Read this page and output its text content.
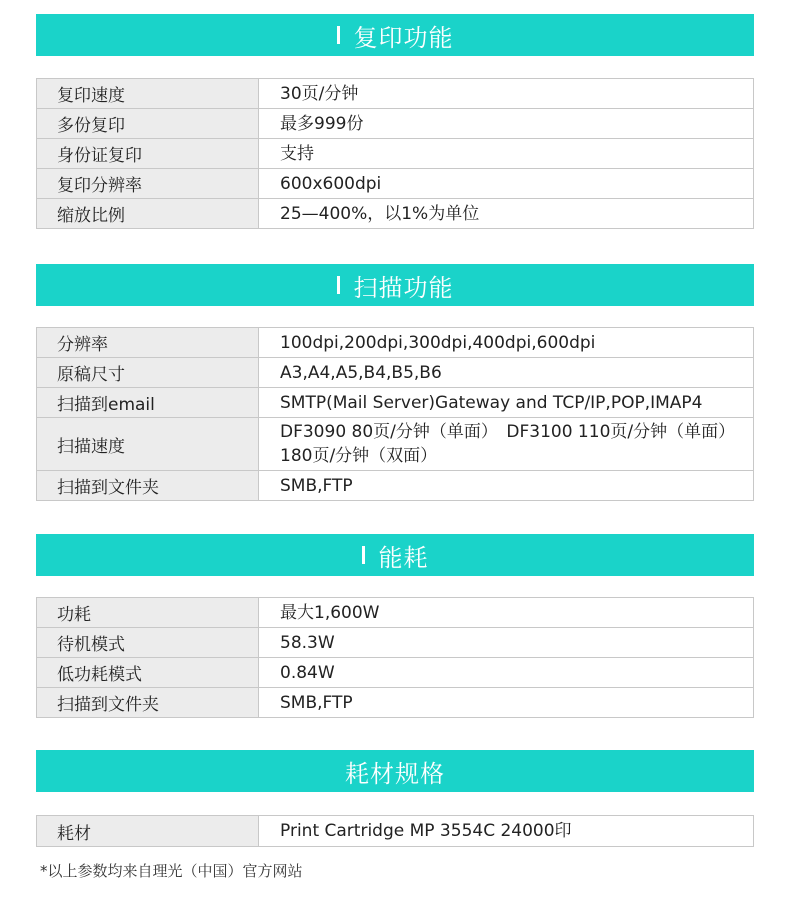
复印功能
复印速度	30页/分钟
多份复印	最多999份
身份证复印	支持
复印分辨率	600x600dpi
缩放比例	25—400%，以1%为单位
扫描功能
分辨率	100dpi,200dpi,300dpi,400dpi,600dpi
原稿尺寸	A3,A4,A5,B4,B5,B6
扫描到email	SMTP(Mail Server)Gateway and TCP/IP,POP,IMAP4
扫描速度	DF3090 80页/分钟（单面）　DF3100 110页/分钟（单面）
180页/分钟（双面）

扫描到文件夹	SMB,FTP
能耗
功耗	最大1,600W
待机模式	58.3W
低功耗模式	0.84W
扫描到文件夹	SMB,FTP
耗材规格
耗材	Print Cartridge MP 3554C 24000印
*以上参数均来自理光（中国）官方网站
